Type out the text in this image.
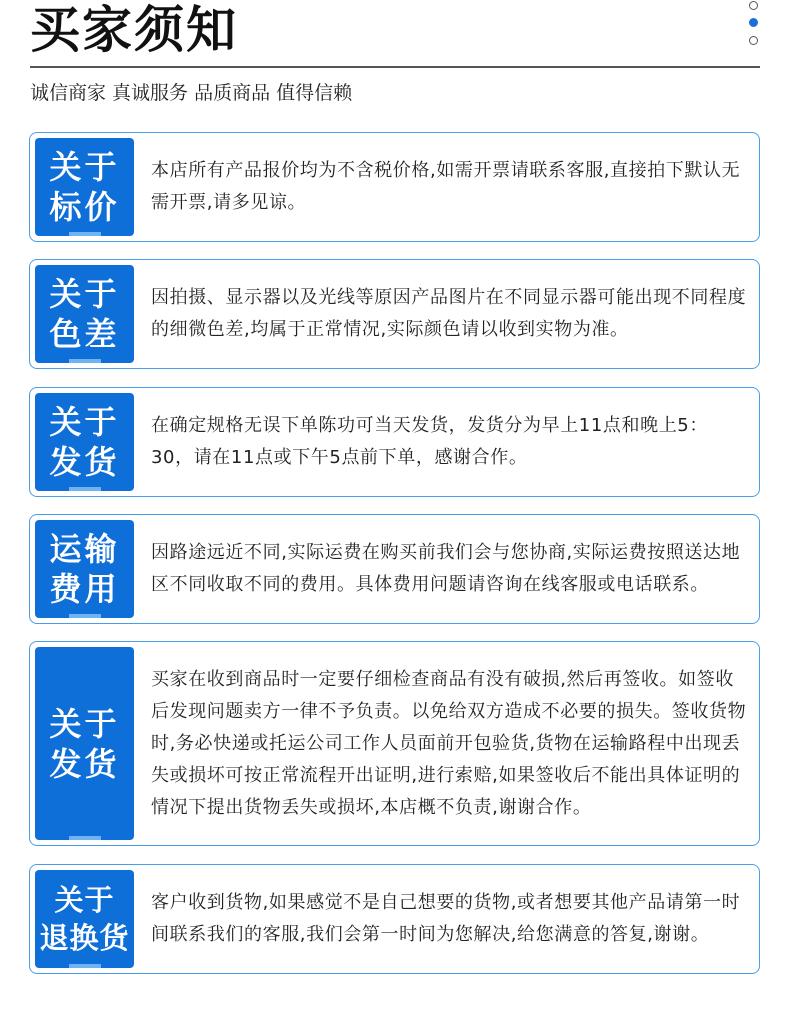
买家须知
诚信商家 真诚服务 品质商品 值得信赖
关于
标价
本店所有产品报价均为不含税价格,如需开票请联系客服,直接拍下默认无需开票,请多见谅。
关于
色差
因拍摄、显示器以及光线等原因产品图片在不同显示器可能出现不同程度的细微色差,均属于正常情况,实际颜色请以收到实物为准。
关于
发货
在确定规格无误下单陈功可当天发货，发货分为早上11点和晚上5：30，请在11点或下午5点前下单，感谢合作。
运输
费用
因路途远近不同,实际运费在购买前我们会与您协商,实际运费按照送达地区不同收取不同的费用。具体费用问题请咨询在线客服或电话联系。
关于
发货
买家在收到商品时一定要仔细检查商品有没有破损,然后再签收。如签收后发现问题卖方一律不予负责。以免给双方造成不必要的损失。签收货物时,务必快递或托运公司工作人员面前开包验货,货物在运输路程中出现丢失或损坏可按正常流程开出证明,进行索赔,如果签收后不能出具体证明的情况下提出货物丢失或损坏,本店概不负责,谢谢合作。
关于
退换货
客户收到货物,如果感觉不是自己想要的货物,或者想要其他产品请第一时间联系我们的客服,我们会第一时间为您解决,给您满意的答复,谢谢。
